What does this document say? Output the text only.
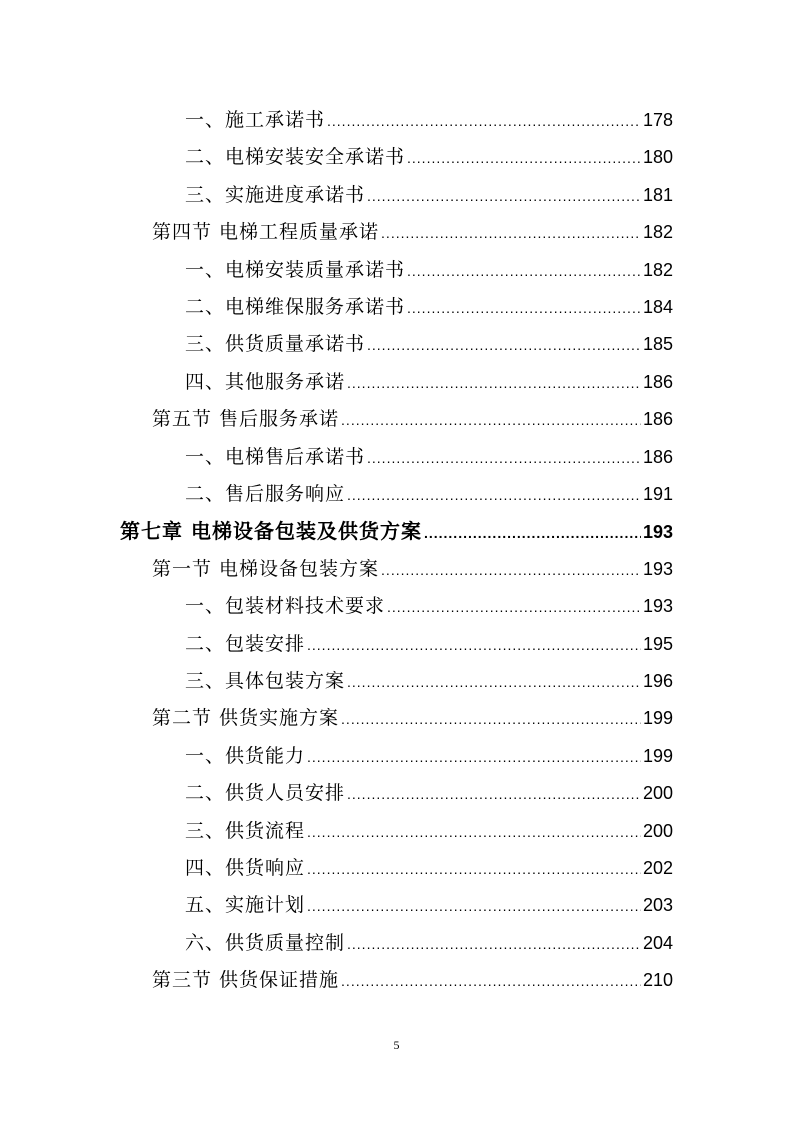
一、施工承诺书 .....	178
二、电梯安装安全承诺书 .....	180
三、实施进度承诺书 .....	181
第四节 电梯工程质量承诺 .....	182
一、电梯安装质量承诺书 .....	182
二、电梯维保服务承诺书 .....	184
三、供货质量承诺书 .....	185
四、其他服务承诺 .....	186
第五节 售后服务承诺 .....	186
一、电梯售后承诺书 .....	186
二、售后服务响应 .....	191
第七章 电梯设备包装及供货方案 .....	193
第一节 电梯设备包装方案 .....	193
一、包装材料技术要求 .....	193
二、包装安排 .....	195
三、具体包装方案 .....	196
第二节 供货实施方案 .....	199
一、供货能力 .....	199
二、供货人员安排 .....	200
三、供货流程 .....	200
四、供货响应 .....	202
五、实施计划 .....	203
六、供货质量控制 .....	204
第三节 供货保证措施 .....	210
5
